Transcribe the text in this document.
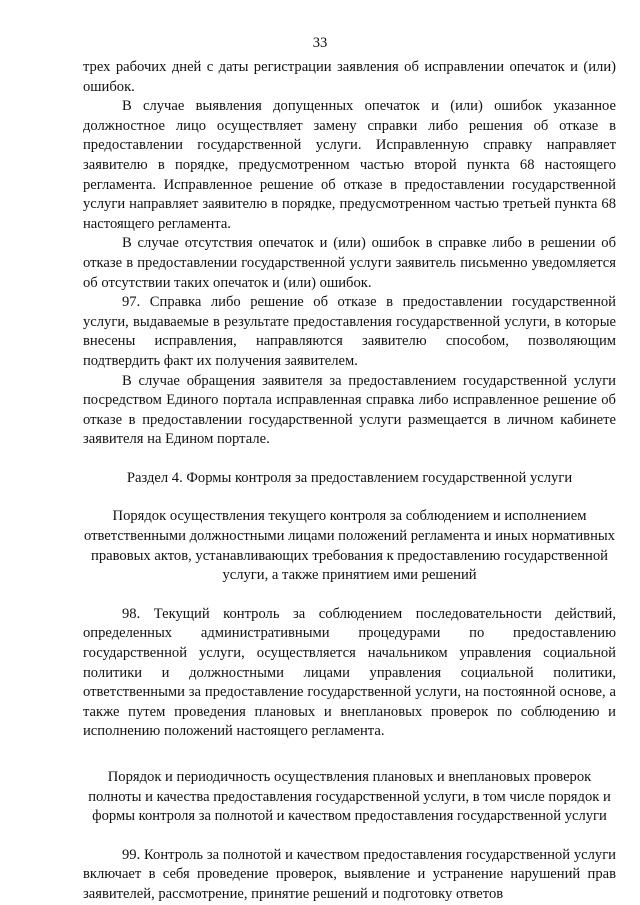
33

трех рабочих дней с даты регистрации заявления об исправлении опечаток и (или) ошибок.

В случае выявления допущенных опечаток и (или) ошибок указанное должностное лицо осуществляет замену справки либо решения об отказе в предоставлении государственной услуги. Исправленную справку направляет заявителю в порядке, предусмотренном частью второй пункта 68 настоящего регламента. Исправленное решение об отказе в предоставлении государственной услуги направляет заявителю в порядке, предусмотренном частью третьей пункта 68 настоящего регламента.

В случае отсутствия опечаток и (или) ошибок в справке либо в решении об отказе в предоставлении государственной услуги заявитель письменно уведомляется об отсутствии таких опечаток и (или) ошибок.

97. Справка либо решение об отказе в предоставлении государственной услуги, выдаваемые в результате предоставления государственной услуги, в которые внесены исправления, направляются заявителю способом, позволяющим подтвердить факт их получения заявителем.

В случае обращения заявителя за предоставлением государственной услуги посредством Единого портала исправленная справка либо исправленное решение об отказе в предоставлении государственной услуги размещается в личном кабинете заявителя на Едином портале.

Раздел 4. Формы контроля за предоставлением государственной услуги

Порядок осуществления текущего контроля за соблюдением и исполнением ответственными должностными лицами положений регламента и иных нормативных правовых актов, устанавливающих требования к предоставлению государственной услуги, а также принятием ими решений

98. Текущий контроль за соблюдением последовательности действий, определенных административными процедурами по предоставлению государственной услуги, осуществляется начальником управления социальной политики и должностными лицами управления социальной политики, ответственными за предоставление государственной услуги, на постоянной основе, а также путем проведения плановых и внеплановых проверок по соблюдению и исполнению положений настоящего регламента.

Порядок и периодичность осуществления плановых и внеплановых проверок полноты и качества предоставления государственной услуги, в том числе порядок и формы контроля за полнотой и качеством предоставления государственной услуги

99. Контроль за полнотой и качеством предоставления государственной услуги включает в себя проведение проверок, выявление и устранение нарушений прав заявителей, рассмотрение, принятие решений и подготовку ответов
